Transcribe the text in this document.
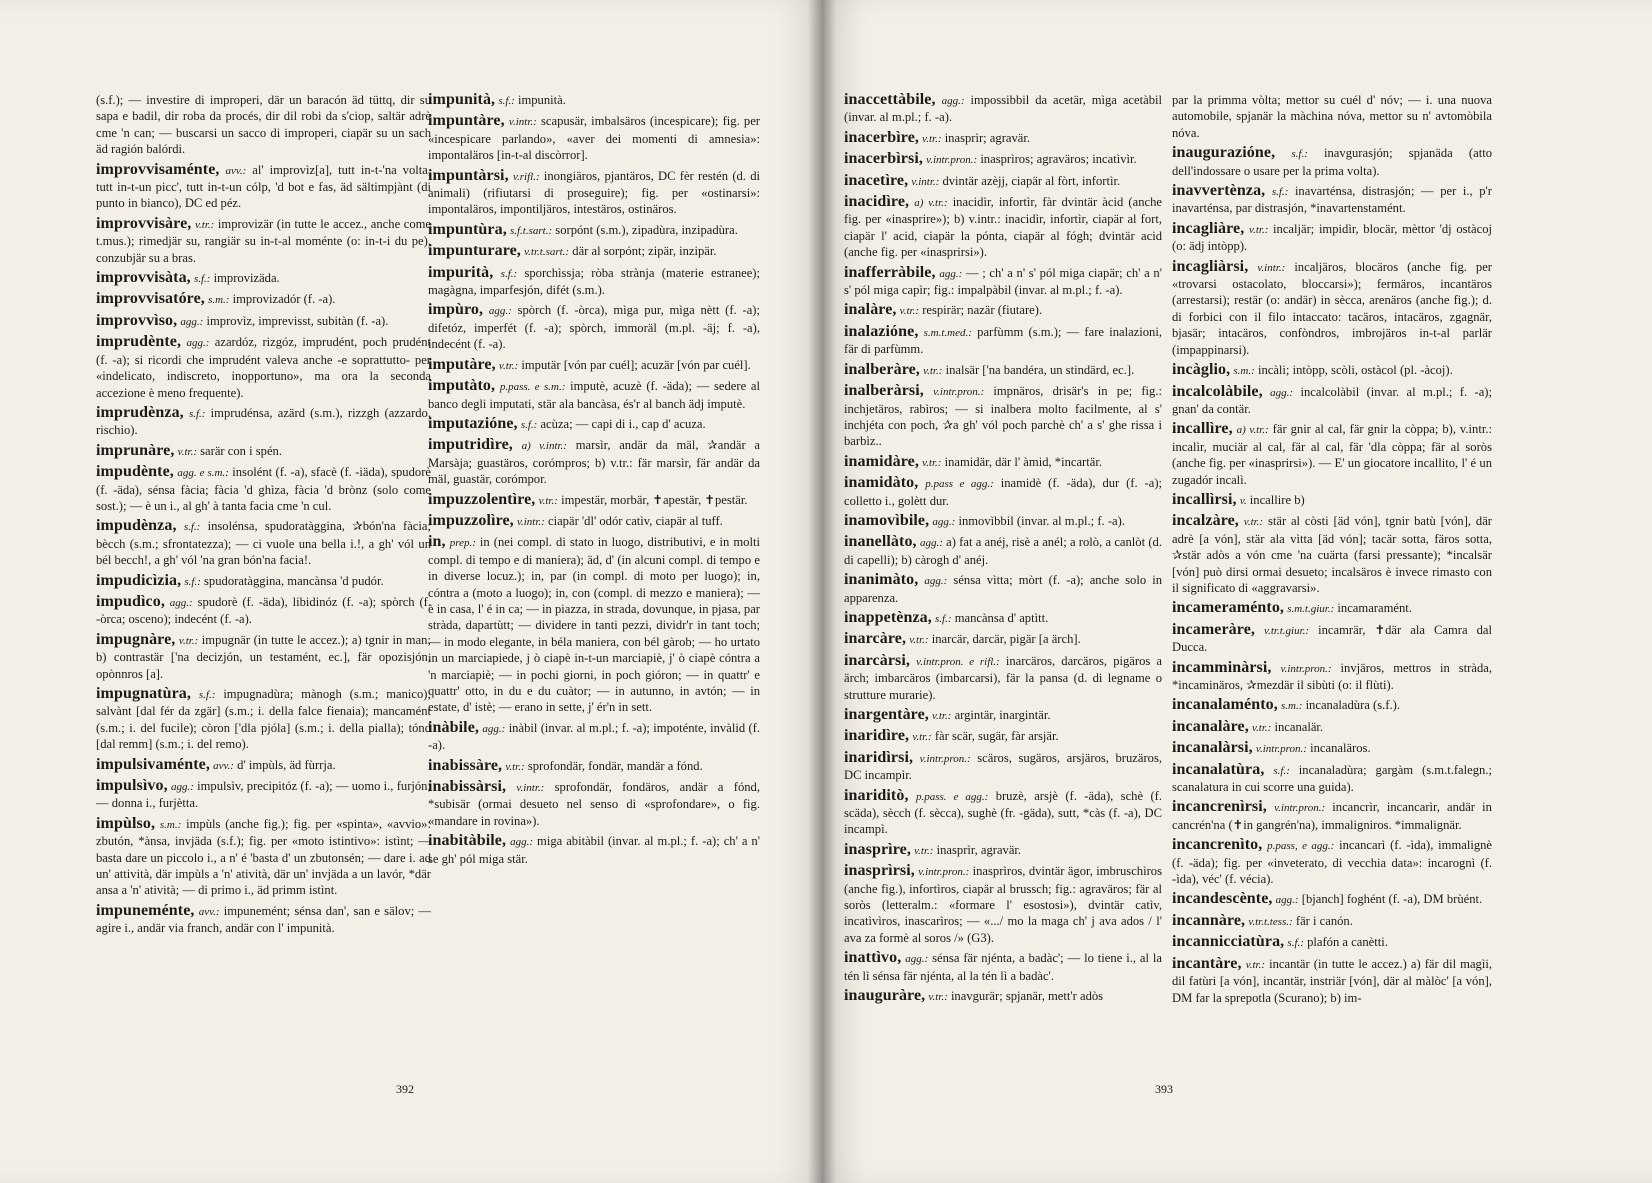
(s.f.); — investire di improperi, där un baracón äd tüttq, dir su sapa e badil, dir roba da procés, dir dil robi da s'ciop, saltär adrè cme 'n can; — buscarsi un sacco di improperi, ciapär su un sach äd ragión balórdi.
improvvisaménte, avv.: al' improvìz[a], tutt in-t-'na volta, tutt in-t-un picc', tutt in-t-un cólp, 'd bot e fas, äd sältimpjànt (di punto in bianco), DC ed péz.
improvvisàre, v.tr.: improvizär (in tutte le accez., anche come t.mus.); rimedjär su, rangiär su in-t-al moménte (o: in-t-i du pe), conzubjär su a bras.
improvvisàta, s.f.: improvizäda.
improvvisatóre, s.m.: improvizadór (f. -a).
improvvìso, agg.: improvìz, imprevisst, subitàn (f. -a).
imprudènte, agg.: azardóz, rizgóz, imprudént, poch prudént (f. -a); si ricordi che imprudént valeva anche -e soprattutto- per «indelicato, indiscreto, inopportuno», ma ora la seconda accezione è meno frequente).
imprudènza, s.f.: imprudénsa, azärd (s.m.), rizzgh (azzardo, rischio).
imprunàre, v.tr.: sarär con i spén.
impudènte, agg. e s.m.: insolént (f. -a), sfacè (f. -iäda), spudorè (f. -äda), sénsa fàcia; fàcia 'd ghìza, fàcia 'd brònz (solo come sost.); — è un i., al gh' à tanta facia cme 'n cul.
impudènza, s.f.: insolénsa, spudoratàggina, ✰bón'na fàcia; bècch (s.m.; sfrontatezza); — ci vuole una bella i.!, a gh' vól un bél becch!, a gh' vól 'na gran bón'na facia!.
impudicìzia, s.f.: spudoratàggina, mancànsa 'd pudór.
impudìco, agg.: spudorè (f. -äda), libidinóz (f. -a); spòrch (f. -òrca; osceno); indecént (f. -a).
impugnàre, v.tr.: impugnär (in tutte le accez.); a) tgnir in man; b) contrastär ['na decizjón, un testamént, ec.], fär opozisjón, opònnros [a].
impugnatùra, s.f.: impugnadùra; mànogh (s.m.; manico); salvànt [dal fér da zgär] (s.m.; i. della falce fienaia); mancamént (s.m.; i. del fucile); còron ['dla pjóla] (s.m.; i. della pialla); tónd [dal remm] (s.m.; i. del remo).
impulsivaménte, avv.: d' impùls, äd fùrrja.
impulsìvo, agg.: impulsìv, precipitóz (f. -a); — uomo i., furjón; — donna i., furjètta.
impùlso, s.m.: impùls (anche fig.); fig. per «spinta», «avvio»: zbutón, *ànsa, invjäda (s.f.); fig. per «moto istintivo»: istìnt; — basta dare un piccolo i., a n' é 'basta d' un zbutonsén; — dare i. ad un' attività, där impùls a 'n' atività, där un' invjäda a un lavór, *där ansa a 'n' atività; — di primo i., äd primm istìnt.
impuneménte, avv.: impunemént; sénsa dan', san e sälov; — agire i., andär via franch, andär con l' impunità.
impunità, s.f.: impunità.
impuntàre, v.intr.: scapusär, imbalsäros (incespicare); fig. per «incespicare parlando», «aver dei momenti di amnesia»: impontaläros [in-t-al discòrror].
impuntàrsi, v.rifl.: inongiäros, pjantäros, DC fèr restén (d. di animali) (rifiutarsi di proseguire); fig. per «ostinarsi»: impontaläros, impontiljäros, intestäros, ostinäros.
impuntùra, s.f.t.sart.: sorpónt (s.m.), zipadùra, inzipadùra.
impunturare, v.tr.t.sart.: där al sorpónt; zipär, inzipär.
impurità, s.f.: sporchìssja; ròba strànja (materie estranee); magàgna, imparfesjón, difét (s.m.).
impùro, agg.: spòrch (f. -òrca), mìga pur, mìga nètt (f. -a); difetóz, imperfét (f. -a); spòrch, immoräl (m.pl. -äj; f. -a), indecént (f. -a).
imputàre, v.tr.: imputär [vón par cuél]; acuzär [vón par cuél].
imputàto, p.pass. e s.m.: imputè, acuzè (f. -äda); — sedere al banco degli imputati, stär ala bancàsa, és'r al banch ädj imputè.
imputazióne, s.f.: acùza; — capi di i., cap d' acuza.
imputridìre, a) v.intr.: marsìr, andär da mäl, ✰andär a Marsàja; guastäros, corómpros; b) v.tr.: fär marsìr, fär andär da mäl, guastär, corómpor.
impuzzolentìre, v.tr.: impestär, morbär, ✝apestär, ✝pestär.
impuzzolìre, v.intr.: ciapär 'dl' odór catìv, ciapär al tuff.
in, prep.: in (nei compl. di stato in luogo, distributivi, e in molti compl. di tempo e di maniera); äd, d' (in alcuni compl. di tempo e in diverse locuz.); in, par (in compl. di moto per luogo); in, cóntra a (moto a luogo); in, con (compl. di mezzo e maniera); — è in casa, l' é in ca; — in piazza, in strada, dovunque, in pjasa, par stràda, dapartùtt; — dividere in tanti pezzi, dividr'r in tant toch; — in modo elegante, in béla maniera, con bél gàrob; — ho urtato in un marciapiede, j ò ciapè in-t-un marciapiè, j' ò ciapè cóntra a 'n marciapiè; — in pochi giorni, in poch gióron; — in quattr' e quattr' otto, in du e du cuàtor; — in autunno, in avtón; — in estate, d' istè; — erano in sette, j' ér'n in sett.
inàbile, agg.: inàbil (invar. al m.pl.; f. -a); impoténte, invàlid (f. -a).
inabissàre, v.tr.: sprofondär, fondär, mandär a fónd.
inabissàrsi, v.intr.: sprofondär, fondäros, andär a fónd, *subisär (ormai desueto nel senso di «sprofondare», o fig. «mandare in rovina»).
inabitàbile, agg.: miga abitàbil (invar. al m.pl.; f. -a); ch' a n' se gh' pól miga stär.
392
inaccettàbile, agg.: impossibbil da acetär, mìga acetàbil (invar. al m.pl.; f. -a).
inacerbìre, v.tr.: inasprìr; agravär.
inacerbìrsi, v.intr.pron.: inasprìros; agraväros; incatìvìr.
inacetìre, v.intr.: dvintär azèjj, ciapär al fòrt, infortìr.
inacidìre, a) v.tr.: inacidìr, infortìr, fàr dvintär àcid (anche fig. per «inasprire»); b) v.intr.: inacidìr, infortìr, ciapär al fort, ciapär l' acid, ciapär la pónta, ciapär al fógh; dvintär acid (anche fig. per «inasprirsi»).
inafferràbile, agg.: — ; ch' a n' s' pól miga ciapär; ch' a n' s' pól miga capìr; fig.: impalpàbil (invar. al m.pl.; f. -a).
inalàre, v.tr.: respirär; nazär (fiutare).
inalazióne, s.m.t.med.: parfùmm (s.m.); — fare inalazioni, fär di parfùmm.
inalberàre, v.tr.: inalsär ['na bandéra, un stindärd, ec.].
inalberàrsi, v.intr.pron.: impnäros, drisär's in pe; fig.: inchjetäros, rabìros; — si inalbera molto facilmente, al s' inchjéta con poch, ✰a gh' vól poch parchè ch' a s' ghe rissa i barbìz..
inamidàre, v.tr.: inamidär, där l' àmid, *incartär.
inamidàto, p.pass e agg.: inamidè (f. -äda), dur (f. -a); colletto i., golètt dur.
inamovìbile, agg.: inmovìbbil (invar. al m.pl.; f. -a).
inanellàto, agg.: a) fat a anéj, risè a anél; a rolò, a canlòt (d. di capelli); b) càrogh d' anéj.
inanimàto, agg.: sénsa vìtta; mòrt (f. -a); anche solo in apparenza.
inappetènza, s.f.: mancànsa d' aptìtt.
inarcàre, v.tr.: inarcär, darcär, pigär [a ärch].
inarcàrsi, v.intr.pron. e rifl.: inarcäros, darcäros, pigäros a ärch; imbarcäros (imbarcarsi), fär la pansa (d. di legname o strutture murarie).
inargentàre, v.tr.: argintär, inargintär.
inaridìre, v.tr.: fàr scär, sugär, fàr arsjär.
inaridìrsi, v.intr.pron.: scäros, sugäros, arsjäros, bruzäros, DC incampìr.
inariditò, p.pass. e agg.: bruzè, arsjè (f. -äda), schè (f. scäda), sècch (f. sècca), sughè (fr. -gäda), sutt, *càs (f. -a), DC incampì.
inasprìre, v.tr.: inasprìr, agravär.
inasprìrsi, v.intr.pron.: inasprìros, dvintär ägor, imbruschìros (anche fig.), infortìros, ciapär al brussch; fig.: agraväros; fär al soròs (letteralm.: «formare l' esostosi»), dvintär catìv, incatìvìros, inascarìros; — «.../ mo la maga ch' j ava ados / l' ava za formè al soros /» (G3).
inattìvo, agg.: sénsa fär njénta, a badàc'; — lo tiene i., al la tén lì sénsa fär njénta, al la tén lì a badàc'.
inauguràre, v.tr.: inavgurär; spjanär, mett'r adòs
par la primma vòlta; mettor su cuél d' nóv; — i. una nuova automobile, spjanär la màchina nóva, mettor su n' avtomòbila nóva.
inaugurazióne, s.f.: inavgurasjón; spjanäda (atto dell'indossare o usare per la prima volta).
inavvertènza, s.f.: inavarténsa, distrasjón; — per i., p'r inavarténsa, par distrasjón, *inavartenstamént.
incagliàre, v.tr.: incaljär; impidìr, blocär, mèttor 'dj ostàcoj (o: ädj intòpp).
incagliàrsi, v.intr.: incaljäros, blocäros (anche fig. per «trovarsi ostacolato, bloccarsi»); fermäros, incantäros (arrestarsi); restär (o: andär) in sècca, arenäros (anche fig.); d. di forbici con il filo intaccato: tacäros, intacäros, zgagnär, bjasär; intacäros, confòndros, imbrojäros in-t-al parlär (impappinarsi).
incàglio, s.m.: incàli; intòpp, scòli, ostàcol (pl. -àcoj).
incalcolàbile, agg.: incalcolàbil (invar. al m.pl.; f. -a); gnan' da contär.
incallìre, a) v.tr.: fär gnir al cal, fär gnir la còppa; b), v.intr.: incalìr, muciär al cal, fär al cal, fär 'dla còppa; fär al soròs (anche fig. per «inasprirsi»). — E' un giocatore incallito, l' é un zugadór incalì.
incallìrsi, v. incallire b)
incalzàre, v.tr.: stär al còsti [äd vón], tgnir batù [vón], där adrè [a vón], stär ala vìtta [äd vón]; tacär sotta, färos sotta, ✰stär adòs a vón cme 'na cuärta (farsi pressante); *incalsär [vón] può dirsi ormai desueto; incalsäros è invece rimasto con il significato di «aggravarsi».
incameraménto, s.m.t.giur.: incamaramént.
incameràre, v.tr.t.giur.: incamrär, ✝där ala Camra dal Ducca.
incamminàrsi, v.intr.pron.: invjäros, mettros in stràda, *incaminäros, ✰mezdär il sibùti (o: il flùti).
incanalaménto, s.m.: incanaladùra (s.f.).
incanalàre, v.tr.: incanalär.
incanalàrsi, v.intr.pron.: incanaläros.
incanalatùra, s.f.: incanaladùra; gargàm (s.m.t.falegn.; scanalatura in cui scorre una guida).
incancrenìrsi, v.intr.pron.: incancrìr, incancarìr, andär in cancrén'na (✝in gangrén'na), immaligniros. *immalignär.
incancrenìto, p.pass, e agg.: incancarì (f. -ìda), immalignè (f. -äda); fig. per «inveterato, di vecchia data»: incarognì (f. -ìda), véc' (f. vécia).
incandescènte, agg.: [bjanch] foghént (f. -a), DM brùént.
incannàre, v.tr.t.tess.: fär i canón.
incannicciatùra, s.f.: plafón a canètti.
incantàre, v.tr.: incantär (in tutte le accez.) a) fär dil magìi, dil fatùri [a vón], incantär, instriär [vón], där al màlòc' [a vón], DM far la sprepotla (Scurano); b) im-
393
